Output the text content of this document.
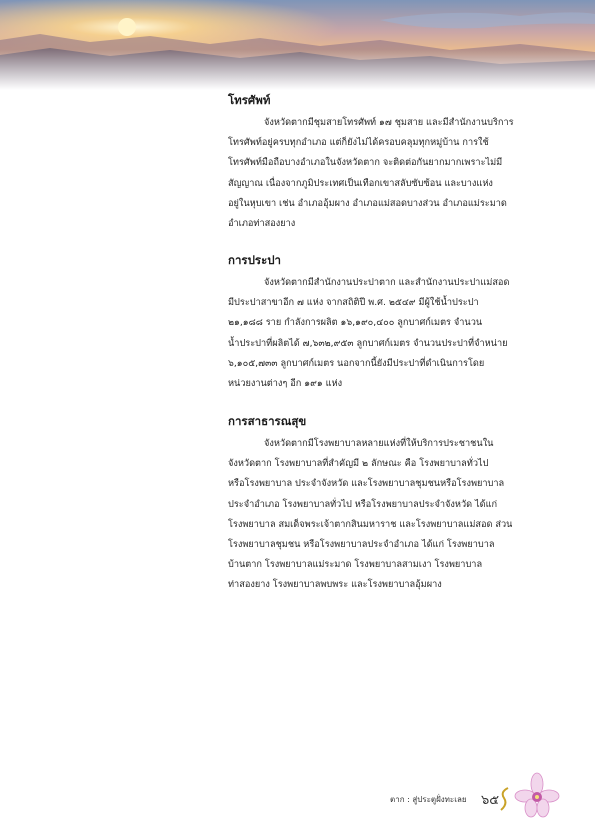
โทรศัพท์

จังหวัดตากมีชุมสายโทรศัพท์ ๑๗ ชุมสาย และมีสำนักงานบริการ
โทรศัพท์อยู่ครบทุกอำเภอ แต่ก็ยังไม่ได้ครอบคลุมทุกหมู่บ้าน การใช้
โทรศัพท์มือถือบางอำเภอในจังหวัดตาก จะติดต่อกันยากมากเพราะไม่มี
สัญญาณ เนื่องจากภูมิประเทศเป็นเทือกเขาสลับซับซ้อน และบางแห่ง
อยู่ในหุบเขา เช่น อำเภออุ้มผาง อำเภอแม่สอดบางส่วน อำเภอแม่ระมาด
อำเภอท่าสองยาง

การประปา

จังหวัดตากมีสำนักงานประปาตาก และสำนักงานประปาแม่สอด
มีประปาสาขาอีก ๗ แห่ง จากสถิติปี พ.ศ. ๒๕๔๙ มีผู้ใช้น้ำประปา
๒๑,๑๘๘ ราย กำลังการผลิต ๑๖,๑๙๐,๔๐๐ ลูกบาศก์เมตร จำนวน
น้ำประปาที่ผลิตได้ ๗,๖๓๒,๙๕๓ ลูกบาศก์เมตร จำนวนประปาที่จำหน่าย
๖,๑๐๕,๗๓๓ ลูกบาศก์เมตร นอกจากนี้ยังมีประปาที่ดำเนินการโดย
หน่วยงานต่างๆ อีก ๑๙๑ แห่ง

การสาธารณสุข

จังหวัดตากมีโรงพยาบาลหลายแห่งที่ให้บริการประชาชนใน
จังหวัดตาก โรงพยาบาลที่สำคัญมี ๒ ลักษณะ คือ โรงพยาบาลทั่วไป
หรือโรงพยาบาล ประจำจังหวัด และโรงพยาบาลชุมชนหรือโรงพยาบาล
ประจำอำเภอ โรงพยาบาลทั่วไป หรือโรงพยาบาลประจำจังหวัด ได้แก่
โรงพยาบาล สมเด็จพระเจ้าตากสินมหาราช และโรงพยาบาลแม่สอด ส่วน
โรงพยาบาลชุมชน หรือโรงพยาบาลประจำอำเภอ ได้แก่ โรงพยาบาล
บ้านตาก โรงพยาบาลแม่ระมาด โรงพยาบาลสามเงา โรงพยาบาล
ท่าสองยาง โรงพยาบาลพบพระ และโรงพยาบาลอุ้มผาง

ตาก : สู่ประตูฝั่งทะเลย ๖๕
